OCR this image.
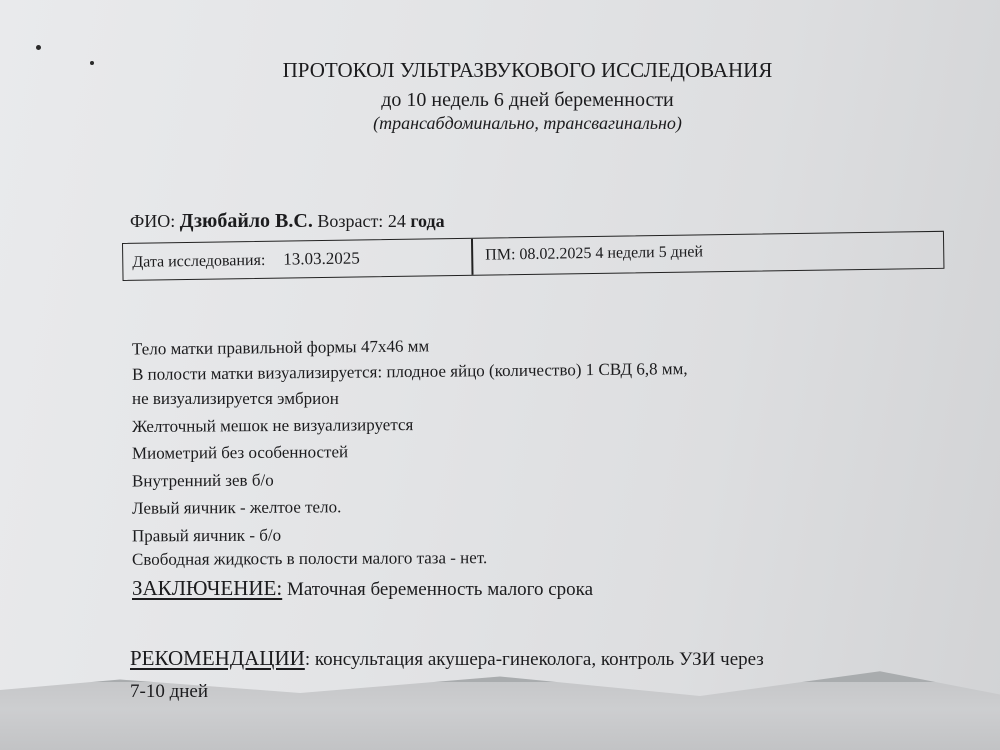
ПРОТОКОЛ УЛЬТРАЗВУКОВОГО ИССЛЕДОВАНИЯ
до 10 недель 6 дней беременности
(трансабдоминально, трансвагинально)
ФИО: Дзюбайло В.С. Возраст: 24 года
Дата исследования: 13.03.2025	ПМ: 08.02.2025 4 недели 5 дней
Тело матки правильной формы 47х46 мм
В полости матки визуализируется: плодное яйцо (количество) 1 СВД 6,8 мм,
не визуализируется эмбрион
Желточный мешок не визуализируется
Миометрий без особенностей
Внутренний зев б/о
Левый яичник - желтое тело.
Правый яичник - б/о
Свободная жидкость в полости малого таза - нет.
ЗАКЛЮЧЕНИЕ: Маточная беременность малого срока
РЕКОМЕНДАЦИИ: консультация акушера-гинеколога, контроль УЗИ через
7-10 дней
